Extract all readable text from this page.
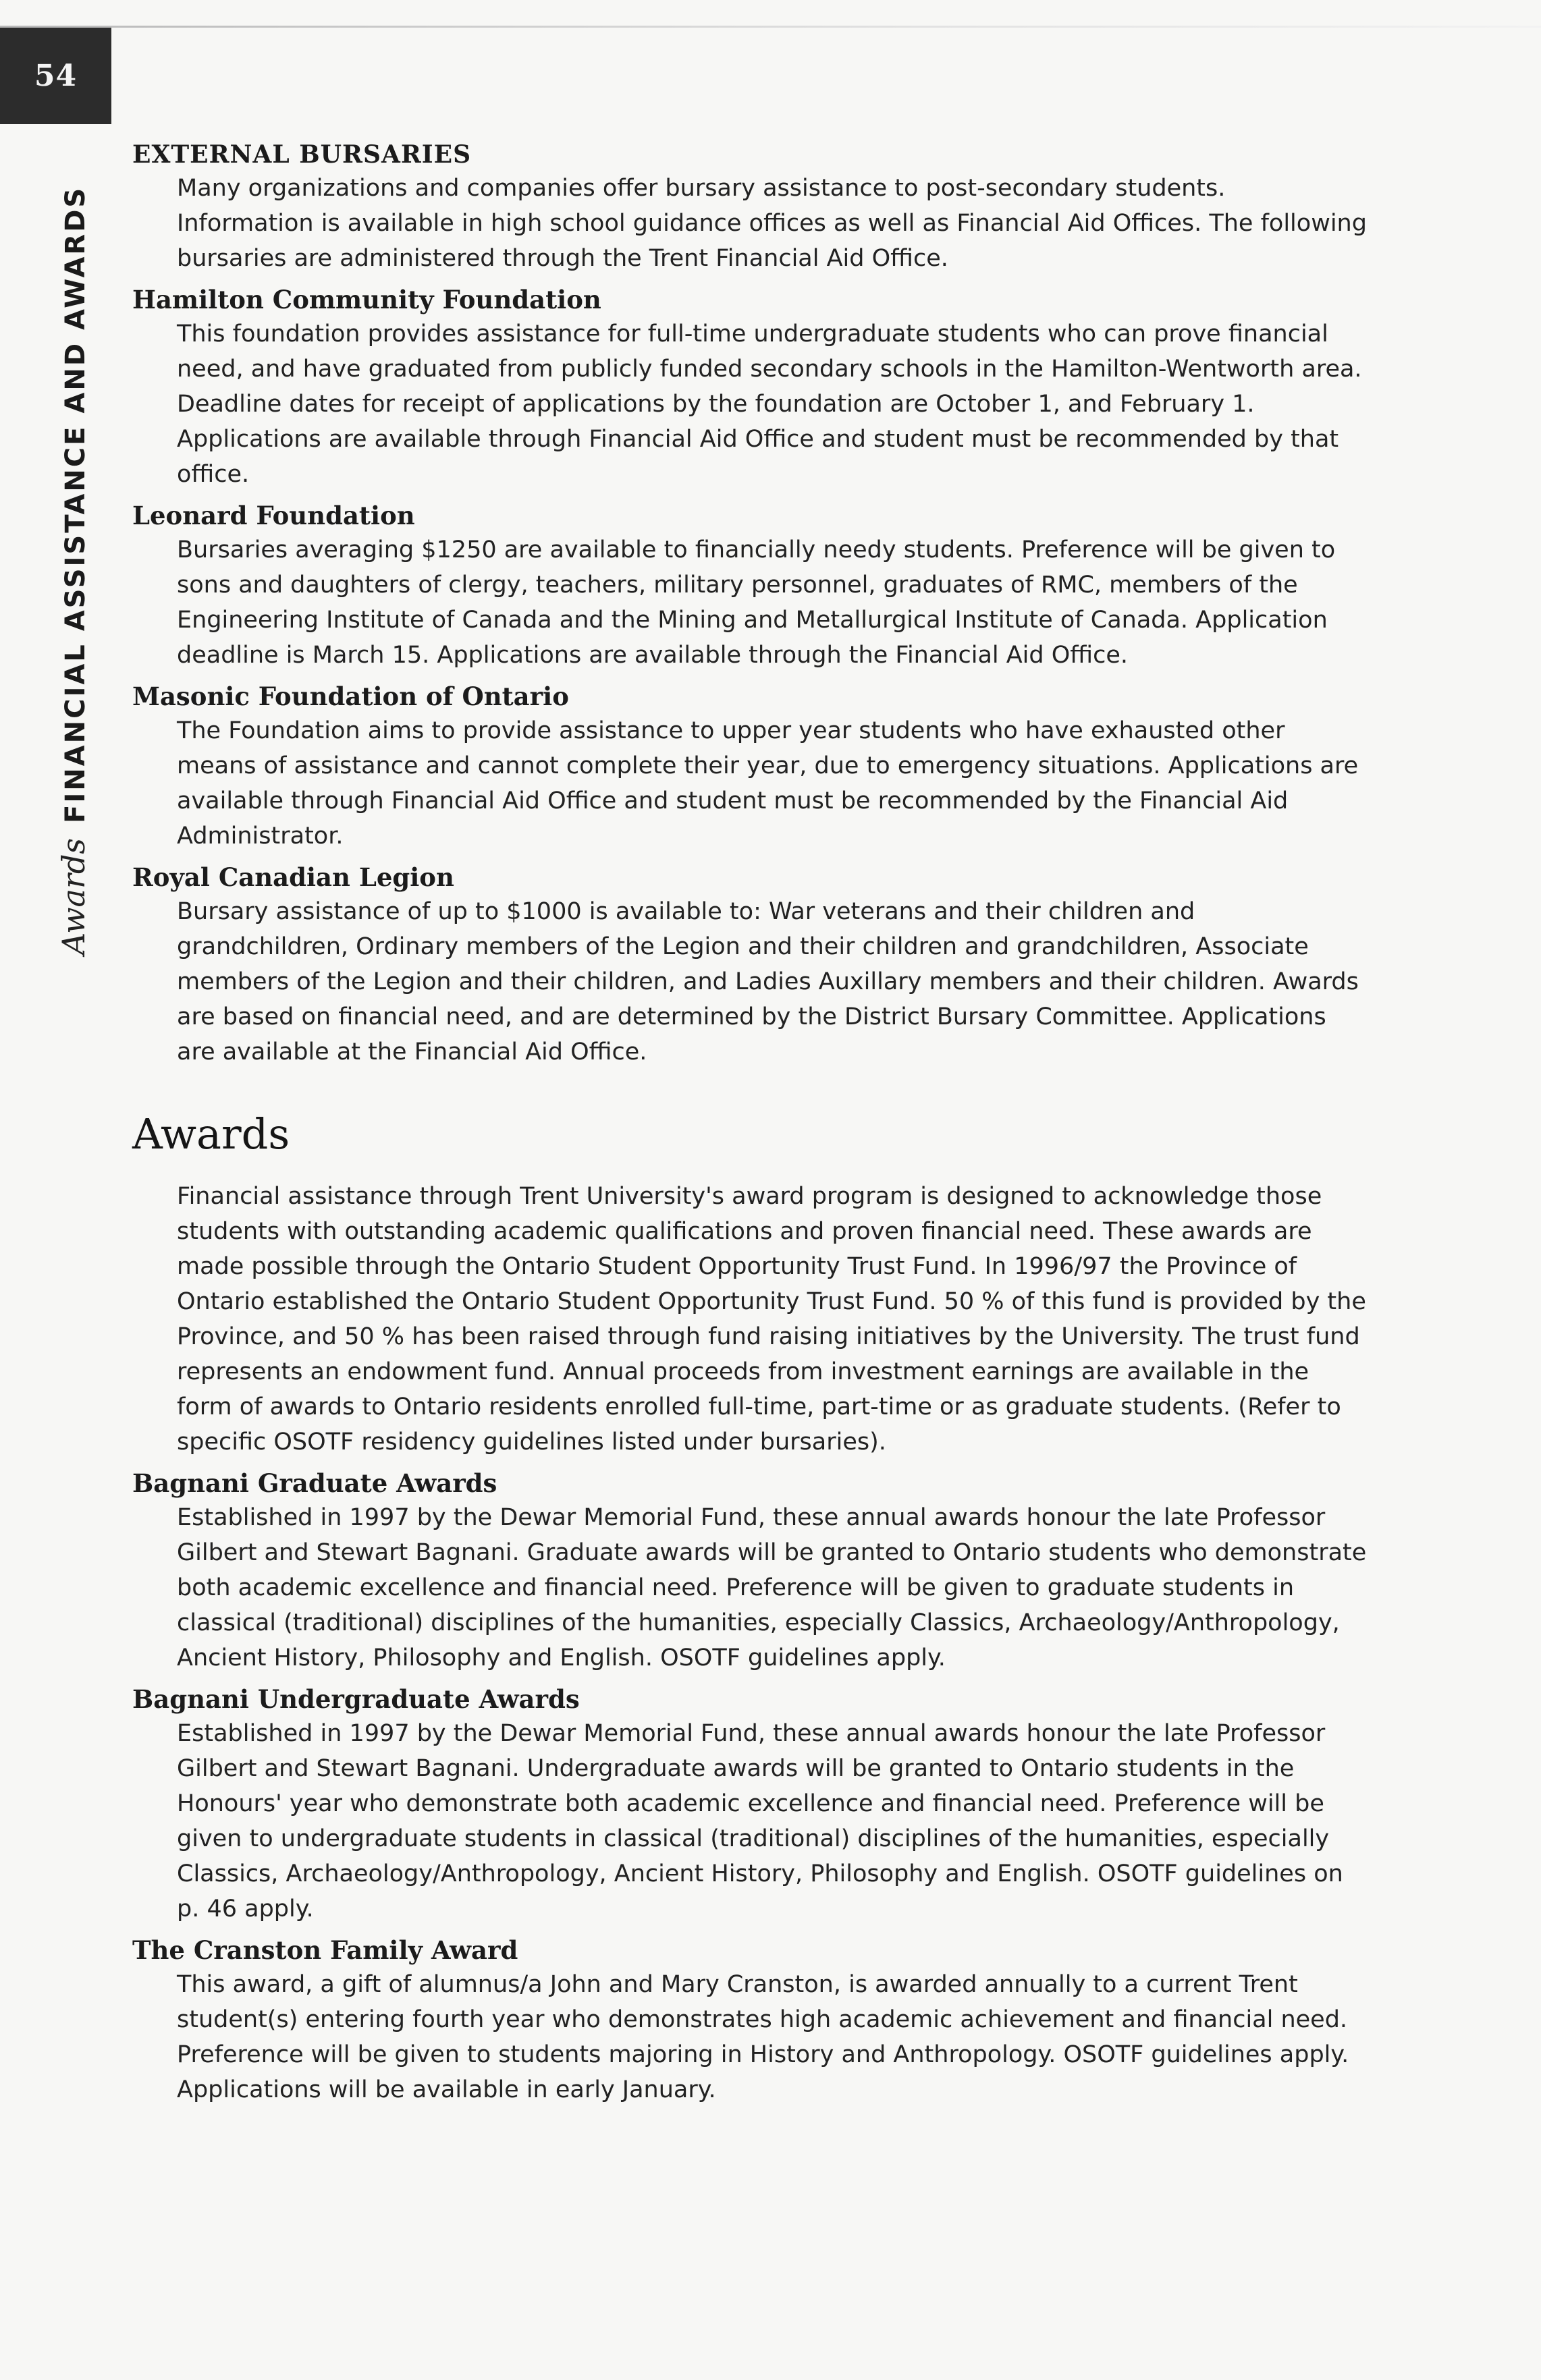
54
Awards
FINANCIAL ASSISTANCE AND AWARDS

EXTERNAL BURSARIES

Many organizations and companies offer bursary assistance to post-secondary students. Information is available in high school guidance offices as well as Financial Aid Offices. The following bursaries are administered through the Trent Financial Aid Office.

Hamilton Community Foundation

This foundation provides assistance for full-time undergraduate students who can prove financial need, and have graduated from publicly funded secondary schools in the Hamilton-Wentworth area. Deadline dates for receipt of applications by the foundation are October 1, and February 1. Applications are available through Financial Aid Office and student must be recommended by that office.

Leonard Foundation

Bursaries averaging $1250 are available to financially needy students. Preference will be given to sons and daughters of clergy, teachers, military personnel, graduates of RMC, members of the Engineering Institute of Canada and the Mining and Metallurgical Institute of Canada. Application deadline is March 15. Applications are available through the Financial Aid Office.

Masonic Foundation of Ontario

The Foundation aims to provide assistance to upper year students who have exhausted other means of assistance and cannot complete their year, due to emergency situations. Applications are available through Financial Aid Office and student must be recommended by the Financial Aid Administrator.

Royal Canadian Legion

Bursary assistance of up to $1000 is available to: War veterans and their children and grandchildren, Ordinary members of the Legion and their children and grandchildren, Associate members of the Legion and their children, and Ladies Auxillary members and their children. Awards are based on financial need, and are determined by the District Bursary Committee. Applications are available at the Financial Aid Office.

Awards

Financial assistance through Trent University's award program is designed to acknowledge those students with outstanding academic qualifications and proven financial need. These awards are made possible through the Ontario Student Opportunity Trust Fund. In 1996/97 the Province of Ontario established the Ontario Student Opportunity Trust Fund. 50 % of this fund is provided by the Province, and 50 % has been raised through fund raising initiatives by the University. The trust fund represents an endowment fund. Annual proceeds from investment earnings are available in the form of awards to Ontario residents enrolled full-time, part-time or as graduate students. (Refer to specific OSOTF residency guidelines listed under bursaries).

Bagnani Graduate Awards

Established in 1997 by the Dewar Memorial Fund, these annual awards honour the late Professor Gilbert and Stewart Bagnani. Graduate awards will be granted to Ontario students who demonstrate both academic excellence and financial need. Preference will be given to graduate students in classical (traditional) disciplines of the humanities, especially Classics, Archaeology/Anthropology, Ancient History, Philosophy and English. OSOTF guidelines apply.

Bagnani Undergraduate Awards

Established in 1997 by the Dewar Memorial Fund, these annual awards honour the late Professor Gilbert and Stewart Bagnani. Undergraduate awards will be granted to Ontario students in the Honours' year who demonstrate both academic excellence and financial need. Preference will be given to undergraduate students in classical (traditional) disciplines of the humanities, especially Classics, Archaeology/Anthropology, Ancient History, Philosophy and English. OSOTF guidelines on p. 46 apply.

The Cranston Family Award

This award, a gift of alumnus/a John and Mary Cranston, is awarded annually to a current Trent student(s) entering fourth year who demonstrates high academic achievement and financial need. Preference will be given to students majoring in History and Anthropology. OSOTF guidelines apply. Applications will be available in early January.
